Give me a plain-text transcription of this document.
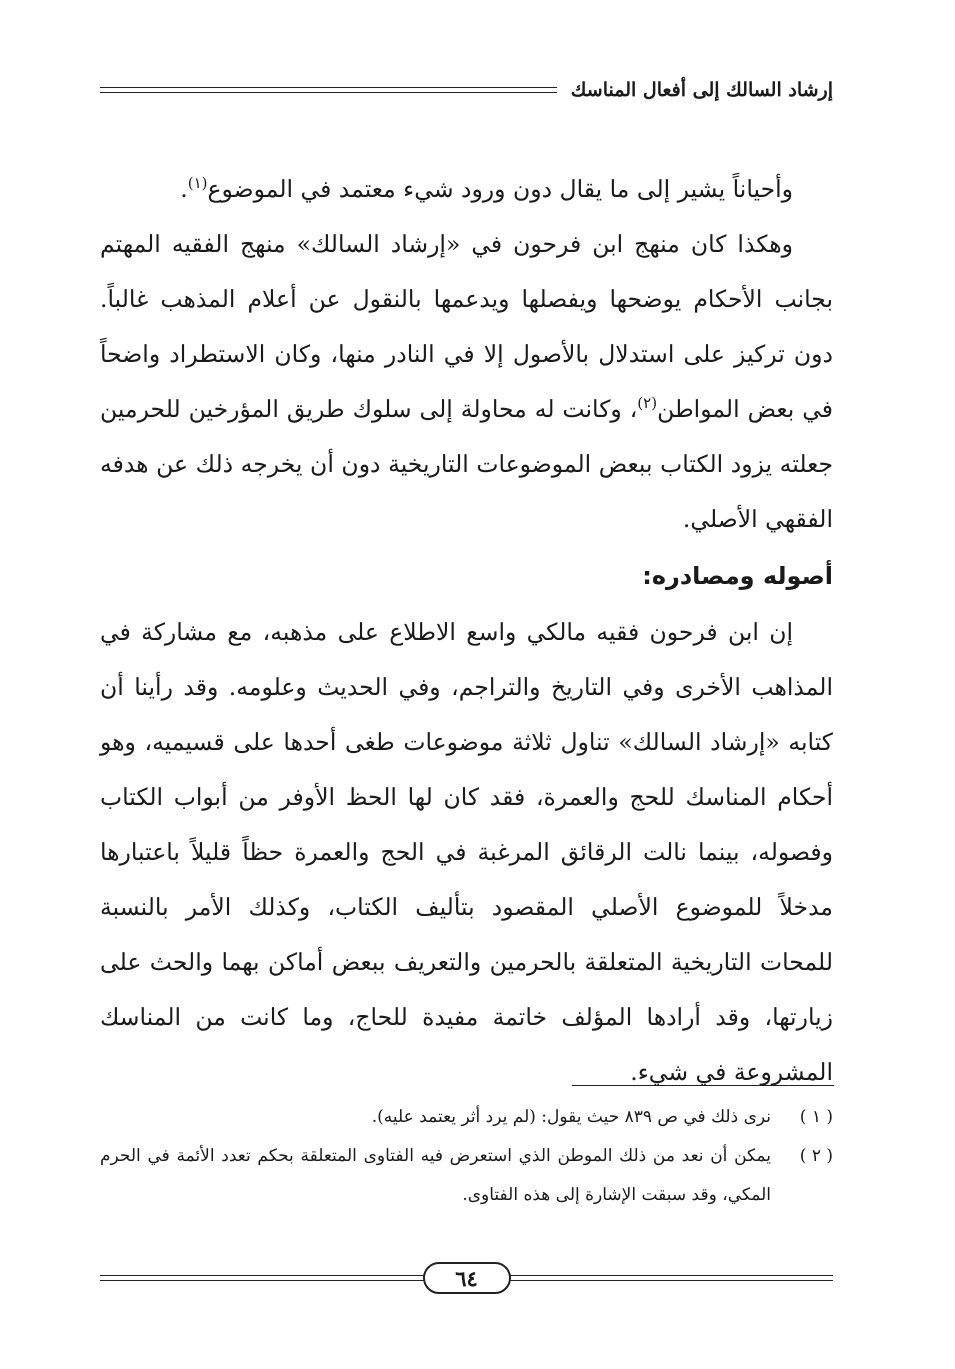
إرشاد السالك إلى أفعال المناسك

وأحياناً يشير إلى ما يقال دون ورود شيء معتمد في الموضوع$^{(١)}$.

وهكذا كان منهج ابن فرحون في «إرشاد السالك» منهج الفقيه المهتم بجانب الأحكام يوضحها ويفصلها ويدعمها بالنقول عن أعلام المذهب غالباً. دون تركيز على استدلال بالأصول إلا في النادر منها، وكان الاستطراد واضحاً في بعض المواطن$^{(٢)}$، وكانت له محاولة إلى سلوك طريق المؤرخين للحرمين جعلته يزود الكتاب ببعض الموضوعات التاريخية دون أن يخرجه ذلك عن هدفه الفقهي الأصلي.

أصوله ومصادره:

إن ابن فرحون فقيه مالكي واسع الاطلاع على مذهبه، مع مشاركة في المذاهب الأخرى وفي التاريخ والتراجم، وفي الحديث وعلومه. وقد رأينا أن كتابه «إرشاد السالك» تناول ثلاثة موضوعات طغى أحدها على قسيميه، وهو أحكام المناسك للحج والعمرة، فقد كان لها الحظ الأوفر من أبواب الكتاب وفصوله، بينما نالت الرقائق المرغبة في الحج والعمرة حظاً قليلاً باعتبارها مدخلاً للموضوع الأصلي المقصود بتأليف الكتاب، وكذلك الأمر بالنسبة للمحات التاريخية المتعلقة بالحرمين والتعريف ببعض أماكن بهما والحث على زيارتها، وقد أرادها المؤلف خاتمة مفيدة للحاج، وما كانت من المناسك المشروعة في شيء.

( ١ )
نرى ذلك في ص ٨٣٩ حيث يقول: (لم يرد أثر يعتمد عليه).
( ٢ )
يمكن أن نعد من ذلك الموطن الذي استعرض فيه الفتاوى المتعلقة بحكم تعدد الأئمة في الحرم المكي، وقد سبقت الإشارة إلى هذه الفتاوى.
٦٤
